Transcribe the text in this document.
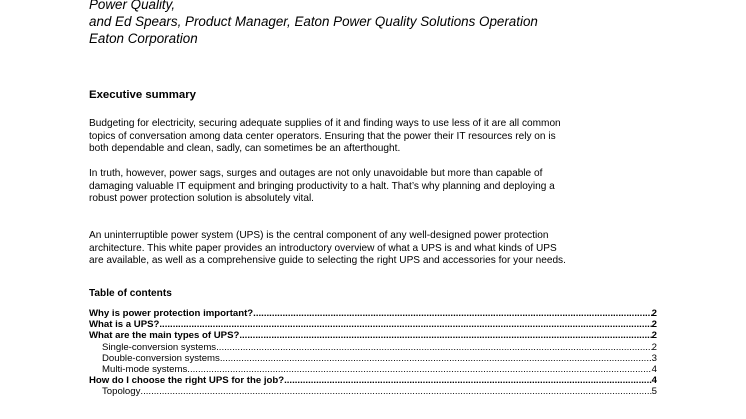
Power Quality,
and Ed Spears, Product Manager, Eaton Power Quality Solutions Operation
Eaton Corporation
Executive summary
Budgeting for electricity, securing adequate supplies of it and finding ways to use less of it are all common
topics of conversation among data center operators. Ensuring that the power their IT resources rely on is
both dependable and clean, sadly, can sometimes be an afterthought.
In truth, however, power sags, surges and outages are not only unavoidable but more than capable of
damaging valuable IT equipment and bringing productivity to a halt. That’s why planning and deploying a
robust power protection solution is absolutely vital.
An uninterruptible power system (UPS) is the central component of any well-designed power protection
architecture. This white paper provides an introductory overview of what a UPS is and what kinds of UPS
are available, as well as a comprehensive guide to selecting the right UPS and accessories for your needs.
Table of contents
Why is power protection important? .....	2
What is a UPS? .....	2
What are the main types of UPS? .....	2
Single-conversion systems .....	2
Double-conversion systems .....	3
Multi-mode systems .....	4
How do I choose the right UPS for the job? .....	4
Topology .....	5
